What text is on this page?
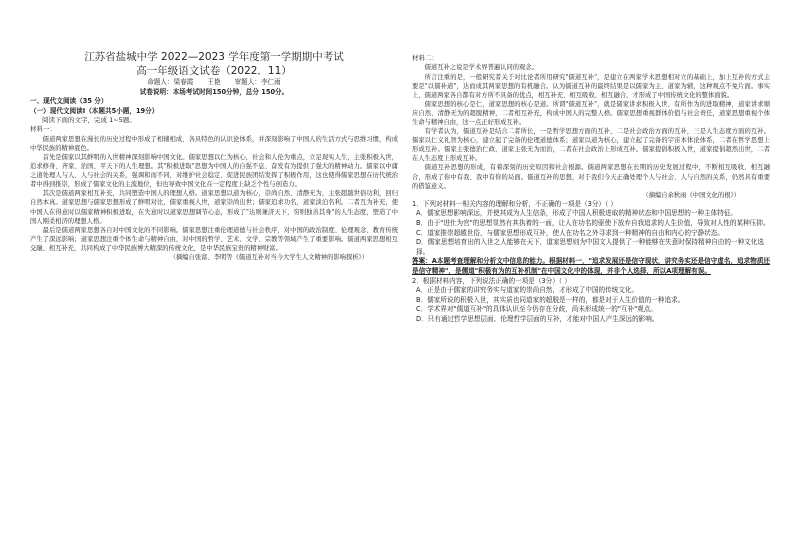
江苏省盐城中学 2022—2023 学年度第一学期期中考试
高一年级语文试卷（2022．11）
命题人：梁春霞 王艳 审题人：李仁雨
试卷说明：本场考试时间150分钟，总分 150分。
一、现代文阅读（35 分）
（一）现代文阅读Ⅰ（本题共5小题，19分）
阅读下面的文字，完成 1~5题。
材料一：

儒道两家思想在漫长的历史过程中形成了相辅相成、各具特色的认识论体系，并深刻影响了中国人的生活方式与思维习惯，构成中华民族的精神底色。

首先是儒家以其鲜明的入世精神深刻影响中国文化。儒家思想以仁为核心，社会和人伦为重点，立足现实人生，主张积极入世，追求修身、齐家、治国、平天下的人生理想。其"积极进取"思想为中国人的自强不息、奋发有为提供了强大的精神动力。儒家以中庸之道处理人与人、人与社会的关系，强调和而不同，对维护社会稳定、促进民族团结发挥了积极作用，这也使得儒家思想在历代统治者中得到推崇，形成了儒家文化的主流地位，但也导致中国文化在一定程度上缺乏个性与创造力。

其次是儒道两家相互补充，共同塑造中国人的理想人格。道家思想以道为核心，崇尚自然、清静无为，主张超越世俗功利，回归自然本真。道家思想与儒家思想形成了鲜明对比，儒家重视人世，道家崇尚出世；儒家追求功名，道家淡泊名利。二者互为补充，使中国人在得意时以儒家精神积极进取，在失意时以道家思想调节心态，形成了"达则兼济天下，穷则独善其身"的人生态度，塑造了中国人刚柔相济的理想人格。

最后是儒道两家思想各自对中国文化的不同影响。儒家思想注重伦理道德与社会秩序，对中国的政治制度、伦理观念、教育传统产生了深远影响；道家思想注重个体生命与精神自由，对中国的哲学、艺术、文学、宗教等领域产生了重要影响。儒道两家思想相互交融、相互补充，共同构成了中华民族博大精深的传统文化，是中华民族宝贵的精神财富。

（摘编自张富、李明等《儒道互补对当今大学生人文精神的影响探析》）
材料二：

儒道互补之说是学术界普遍认同的观念。

所言注重的是，一般研究者关于对比论者所用研究"儒道互补"，是建立在两家学术思想相对立的基础上，加上互补的方式主要是"以儒补道"，达而成其两家思想的有机融合。认为儒道互补的最终结果是以儒家为主、道家为辅，这种观点不免片面。事实上，儒道两家各自都有对方所不具备的优点，相互补充、相互吸收、相互融合，才形成了中国传统文化的整体面貌。

儒家思想的核心是仁，道家思想的核心是道。所谓"儒道互补"，就是儒家讲求积极入世、有所作为的进取精神，道家讲求顺应自然、清静无为的超脱精神，二者相互补充，构成中国人的完整人格。儒家思想重视群体价值与社会责任，道家思想重视个体生命与精神自由，这一点正好形成互补。

有学者认为，儒道互补是结合二者所长，一是哲学思想方面的互补，二是社会政治方面的互补，三是人生态度方面的互补。儒家以仁义礼智为核心，建立起了完备的伦理道德体系；道家以道为核心，建立起了完备的宇宙本体论体系，二者在哲学思想上形成互补。儒家主张德治仁政，道家主张无为而治，二者在社会政治上形成互补。儒家提倡积极入世，道家提倡超然出世，二者在人生态度上形成互补。

儒道互补思想的形成，有着深刻的历史原因和社会根源。儒道两家思想在长期的历史发展过程中，不断相互吸收、相互融合，形成了你中有我、我中有你的局面。儒道互补的思想，对于我们今天正确处理个人与社会、人与自然的关系，仍然具有重要的借鉴意义。

（摘编自余秋雨《中国文化的根》）
1．下列对材料一相关内容的理解和分析，不正确的一项是（3分）（ ）
A．儒家思想影响深远，并使其成为人生信条，形成了中国人积极进取的精神状态和中国思想的一种主体特征。
B．由于"进仕为官"的思想显然有其执着的一面，让人在功名的驱使下放弃自我追求的人生价值，导致对人性的某种压抑。
C．道家推崇超越世俗，与儒家思想形成互补，使人在功名之外寻求到一种精神的自由和内心的宁静状态。
D．儒家思想培育出的入世之人能够在天下，道家思想则为中国文人提供了一种能够在失意时保持精神自由的一种文化选择。
答案：A本题考查理解和分析文中信息的能力。根据材料一，"追求发展还是信守现状，讲究务实还是信守虚名，追求物质还是信守精神"，是儒道"积极有为的互补机制"在中国文化中的体现，并非个人选择，所以A项理解有误。
2．根据材料内容，下列说法正确的一项是（3分）（ ）
A．正是由于儒家的讲究务实与道家的崇尚自然，才形成了中国的传统文化。
B．儒家所说的积极入世，其实质也同道家的超脱是一样的，都是对于人生价值的一种追求。
C．学术界对"儒道互补"的具体认识至今仍存在分歧，尚未形成统一的"互补"观点。
D．只有通过哲学思想层面、伦理哲学层面的互补，才能对中国人产生深远的影响。
